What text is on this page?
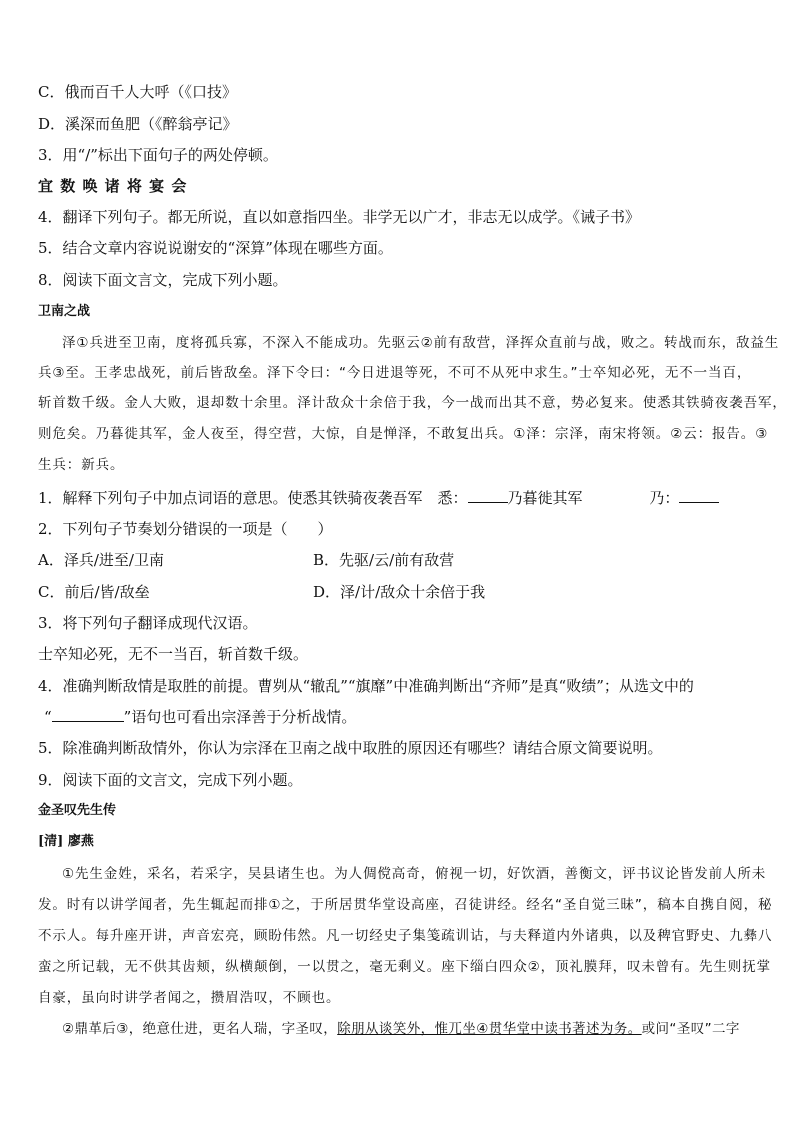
C．俄而百千人大呼（《口技》
D．溪深而鱼肥（《醉翁亭记》
3．用“/”标出下面句子的两处停顿。
宜 数 唤 诸 将 宴 会
4．翻译下列句子。都无所说，直以如意指四坐。非学无以广才，非志无以成学。《诫子书》
5．结合文章内容说说谢安的“深算”体现在哪些方面。
8．阅读下面文言文，完成下列小题。
卫南之战
泽①兵进至卫南，度将孤兵寡，不深入不能成功。先驱云②前有敌营，泽挥众直前与战，败之。转战而东，敌益生
兵③至。王孝忠战死，前后皆敌垒。泽下令曰：“今日进退等死，不可不从死中求生。”士卒知必死，无不一当百，
斩首数千级。金人大败，退却数十余里。泽计敌众十余倍于我，今一战而出其不意，势必复来。使悉其铁骑夜袭吾军，
则危矣。乃暮徙其军，金人夜至，得空营，大惊，自是惮泽，不敢复出兵。①泽：宗泽，南宋将领。②云：报告。③
生兵：新兵。
1．解释下列句子中加点词语的意思。使悉其铁骑夜袭吾军　悉：	乃暮徙其军	乃：
2．下列句子节奏划分错误的一项是（　　）
A．泽兵/进至/卫南	B．先驱/云/前有敌营
C．前后/皆/敌垒	D．泽/计/敌众十余倍于我
3．将下列句子翻译成现代汉语。
士卒知必死，无不一当百，斩首数千级。
4．准确判断敌情是取胜的前提。曹刿从“辙乱”“旗靡”中准确判断出“齐师”是真“败绩”；从选文中的
“	”语句也可看出宗泽善于分析战情。
5．除准确判断敌情外，你认为宗泽在卫南之战中取胜的原因还有哪些？请结合原文简要说明。
9．阅读下面的文言文，完成下列小题。
金圣叹先生传
[清] 廖燕
①先生金姓，采名，若采字，吴县诸生也。为人倜傥高奇，俯视一切，好饮酒，善衡文，评书议论皆发前人所未
发。时有以讲学闻者，先生辄起而排①之，于所居贯华堂设高座，召徒讲经。经名“圣自觉三昧”，稿本自携自阅，秘
不示人。每升座开讲，声音宏亮，顾盼伟然。凡一切经史子集笺疏训诂，与夫释道内外诸典，以及稗官野史、九彝八
蛮之所记载，无不供其齿颊，纵横颠倒，一以贯之，毫无剩义。座下缁白四众②，顶礼膜拜，叹未曾有。先生则抚掌
自豪，虽向时讲学者闻之，攒眉浩叹，不顾也。
②鼎革后③，绝意仕进，更名人瑞，字圣叹，除朋从谈笑外，惟兀坐④贯华堂中读书著述为务。或问“圣叹”二字
